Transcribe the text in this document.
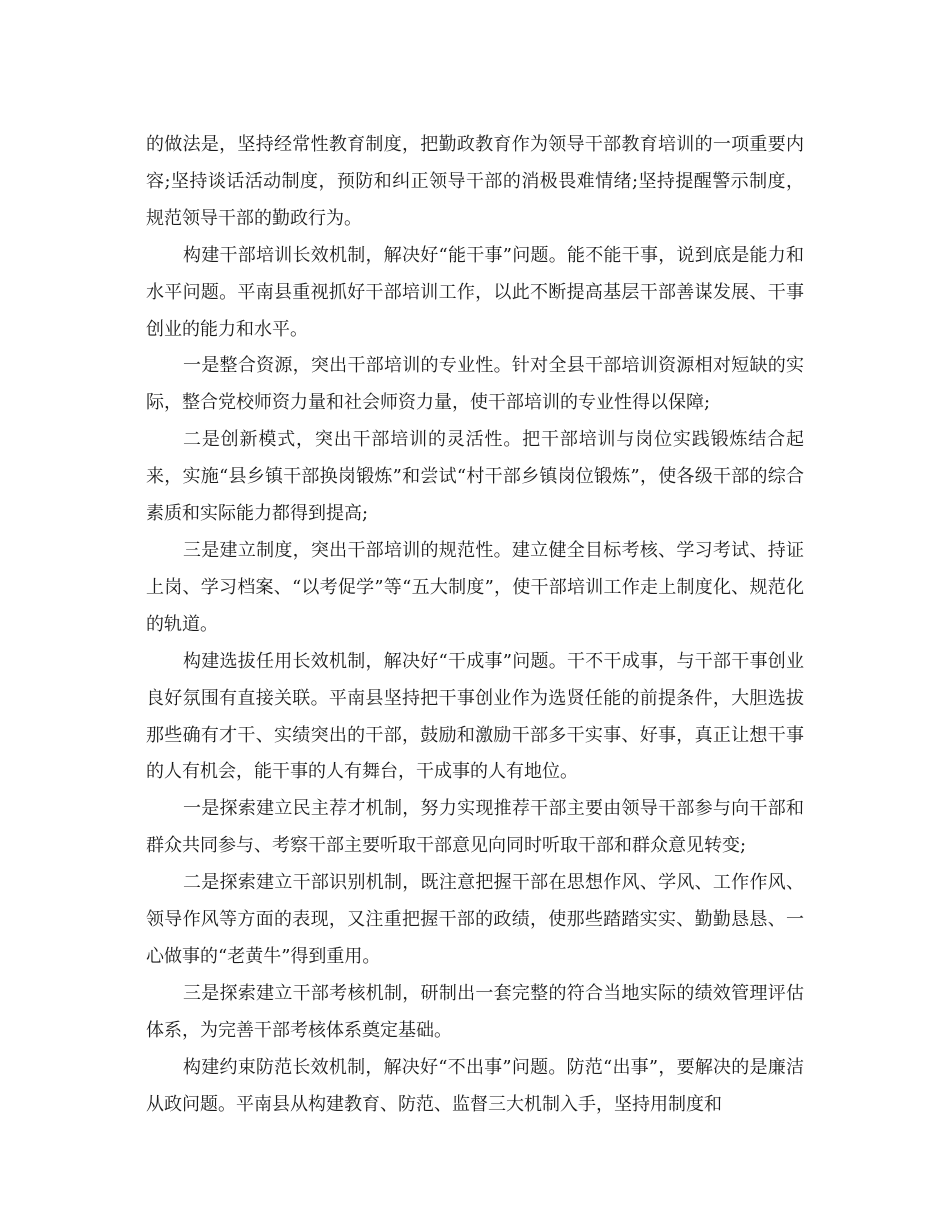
的做法是，坚持经常性教育制度，把勤政教育作为领导干部教育培训的一项重要内容;坚持谈话活动制度，预防和纠正领导干部的消极畏难情绪;坚持提醒警示制度，规范领导干部的勤政行为。

构建干部培训长效机制，解决好“能干事”问题。能不能干事，说到底是能力和水平问题。平南县重视抓好干部培训工作，以此不断提高基层干部善谋发展、干事创业的能力和水平。

一是整合资源，突出干部培训的专业性。针对全县干部培训资源相对短缺的实际，整合党校师资力量和社会师资力量，使干部培训的专业性得以保障;

二是创新模式，突出干部培训的灵活性。把干部培训与岗位实践锻炼结合起来，实施“县乡镇干部换岗锻炼”和尝试“村干部乡镇岗位锻炼”，使各级干部的综合素质和实际能力都得到提高;

三是建立制度，突出干部培训的规范性。建立健全目标考核、学习考试、持证上岗、学习档案、“以考促学”等“五大制度”，使干部培训工作走上制度化、规范化的轨道。

构建选拔任用长效机制，解决好“干成事”问题。干不干成事，与干部干事创业良好氛围有直接关联。平南县坚持把干事创业作为选贤任能的前提条件，大胆选拔那些确有才干、实绩突出的干部，鼓励和激励干部多干实事、好事，真正让想干事的人有机会，能干事的人有舞台，干成事的人有地位。

一是探索建立民主荐才机制，努力实现推荐干部主要由领导干部参与向干部和群众共同参与、考察干部主要听取干部意见向同时听取干部和群众意见转变;

二是探索建立干部识别机制，既注意把握干部在思想作风、学风、工作作风、领导作风等方面的表现，又注重把握干部的政绩，使那些踏踏实实、勤勤恳恳、一心做事的“老黄牛”得到重用。

三是探索建立干部考核机制，研制出一套完整的符合当地实际的绩效管理评估体系，为完善干部考核体系奠定基础。

构建约束防范长效机制，解决好“不出事”问题。防范“出事”，要解决的是廉洁从政问题。平南县从构建教育、防范、监督三大机制入手，坚持用制度和
